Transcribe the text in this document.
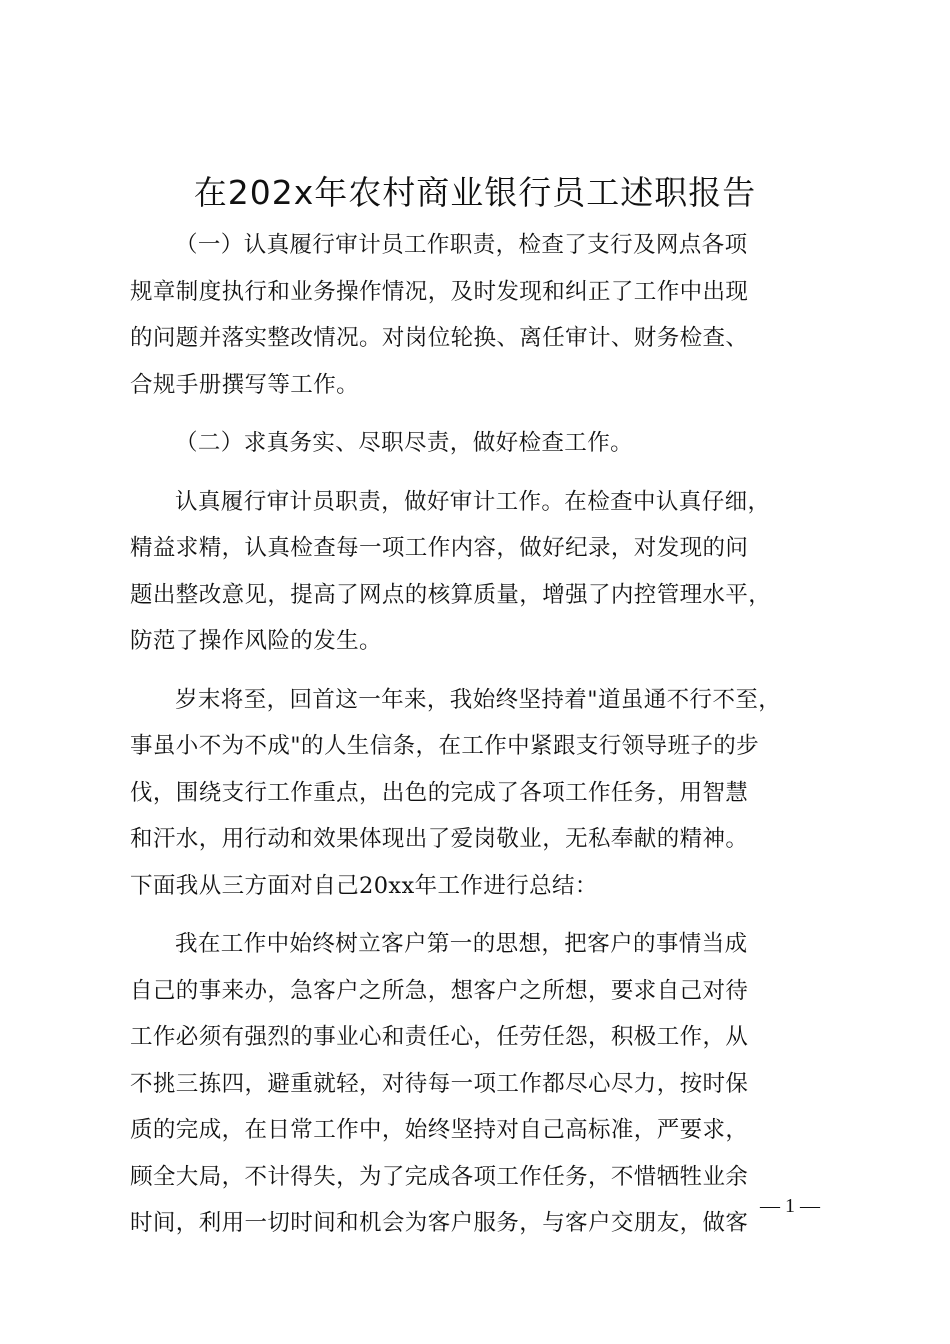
在202x年农村商业银行员工述职报告

（一）认真履行审计员工作职责，检查了支行及网点各项
规章制度执行和业务操作情况，及时发现和纠正了工作中出现
的问题并落实整改情况。对岗位轮换、离任审计、财务检查、
合规手册撰写等工作。

（二）求真务实、尽职尽责，做好检查工作。

认真履行审计员职责，做好审计工作。在检查中认真仔细，
精益求精，认真检查每一项工作内容，做好纪录，对发现的问
题出整改意见，提高了网点的核算质量，增强了内控管理水平，
防范了操作风险的发生。

岁末将至，回首这一年来，我始终坚持着"道虽通不行不至，
事虽小不为不成"的人生信条，在工作中紧跟支行领导班子的步
伐，围绕支行工作重点，出色的完成了各项工作任务，用智慧
和汗水，用行动和效果体现出了爱岗敬业，无私奉献的精神。
下面我从三方面对自己20xx年工作进行总结：

我在工作中始终树立客户第一的思想，把客户的事情当成
自己的事来办，急客户之所急，想客户之所想，要求自己对待
工作必须有强烈的事业心和责任心，任劳任怨，积极工作，从
不挑三拣四，避重就轻，对待每一项工作都尽心尽力，按时保
质的完成，在日常工作中，始终坚持对自己高标准，严要求，
顾全大局，不计得失，为了完成各项工作任务，不惜牺牲业余
时间，利用一切时间和机会为客户服务，与客户交朋友，做客

— 1 —
